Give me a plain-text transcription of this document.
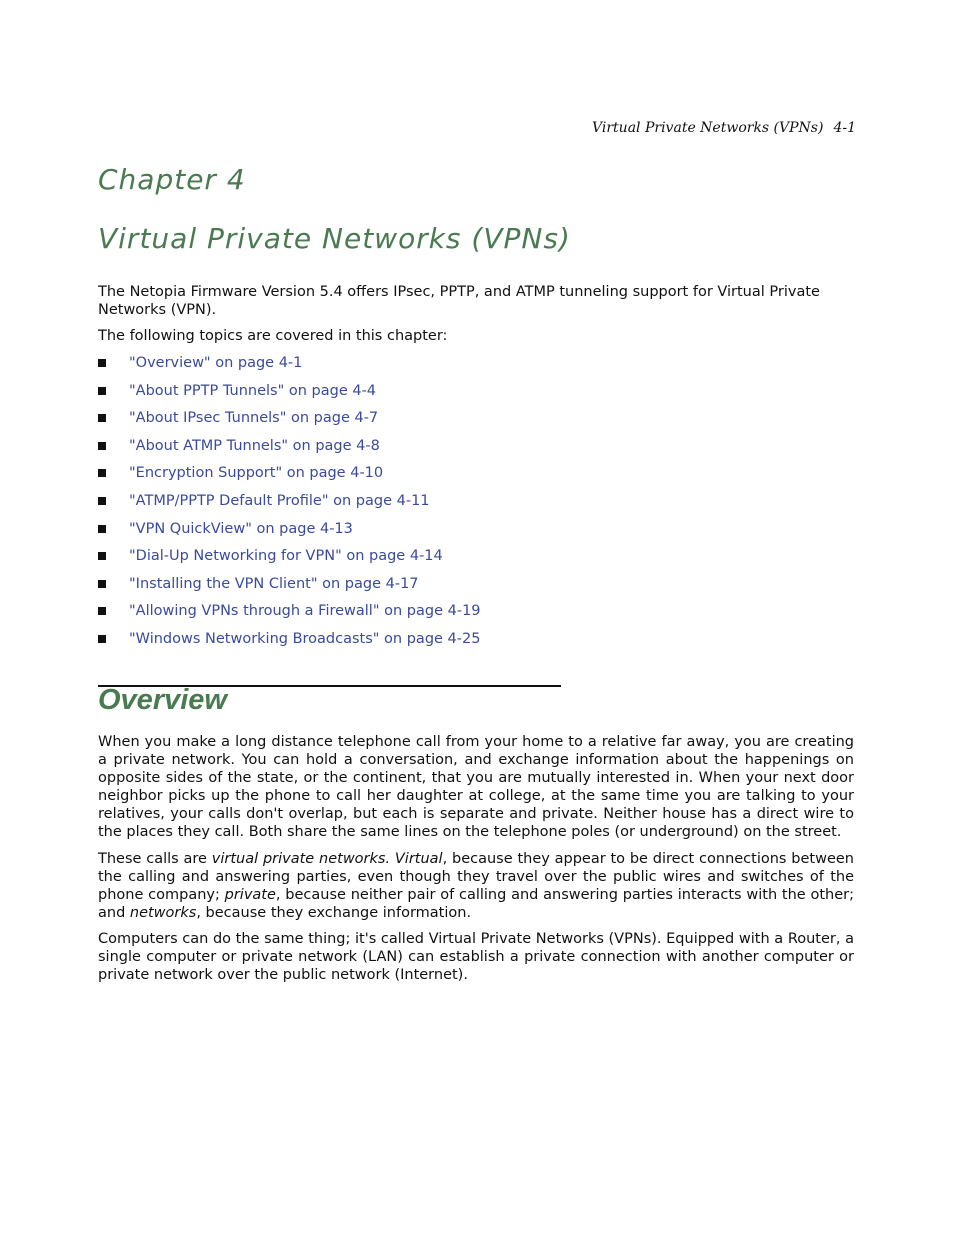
Virtual Private Networks (VPNs) 4-1
Chapter 4
Virtual Private Networks (VPNs)

The Netopia Firmware Version 5.4 offers IPsec, PPTP, and ATMP tunneling support for Virtual Private Networks (VPN).

The following topics are covered in this chapter:

"Overview" on page 4-1
"About PPTP Tunnels" on page 4-4
"About IPsec Tunnels" on page 4-7
"About ATMP Tunnels" on page 4-8
"Encryption Support" on page 4-10
"ATMP/PPTP Default Profile" on page 4-11
"VPN QuickView" on page 4-13
"Dial-Up Networking for VPN" on page 4-14
"Installing the VPN Client" on page 4-17
"Allowing VPNs through a Firewall" on page 4-19
"Windows Networking Broadcasts" on page 4-25
Overview

When you make a long distance telephone call from your home to a relative far away, you are creating a private network. You can hold a conversation, and exchange information about the happenings on opposite sides of the state, or the continent, that you are mutually interested in. When your next door neighbor picks up the phone to call her daughter at college, at the same time you are talking to your relatives, your calls don't overlap, but each is separate and private. Neither house has a direct wire to the places they call. Both share the same lines on the telephone poles (or underground) on the street.

These calls are virtual private networks. Virtual, because they appear to be direct connections between the calling and answering parties, even though they travel over the public wires and switches of the phone company; private, because neither pair of calling and answering parties interacts with the other; and networks, because they exchange information.

Computers can do the same thing; it's called Virtual Private Networks (VPNs). Equipped with a Router, a single computer or private network (LAN) can establish a private connection with another computer or private network over the public network (Internet).
